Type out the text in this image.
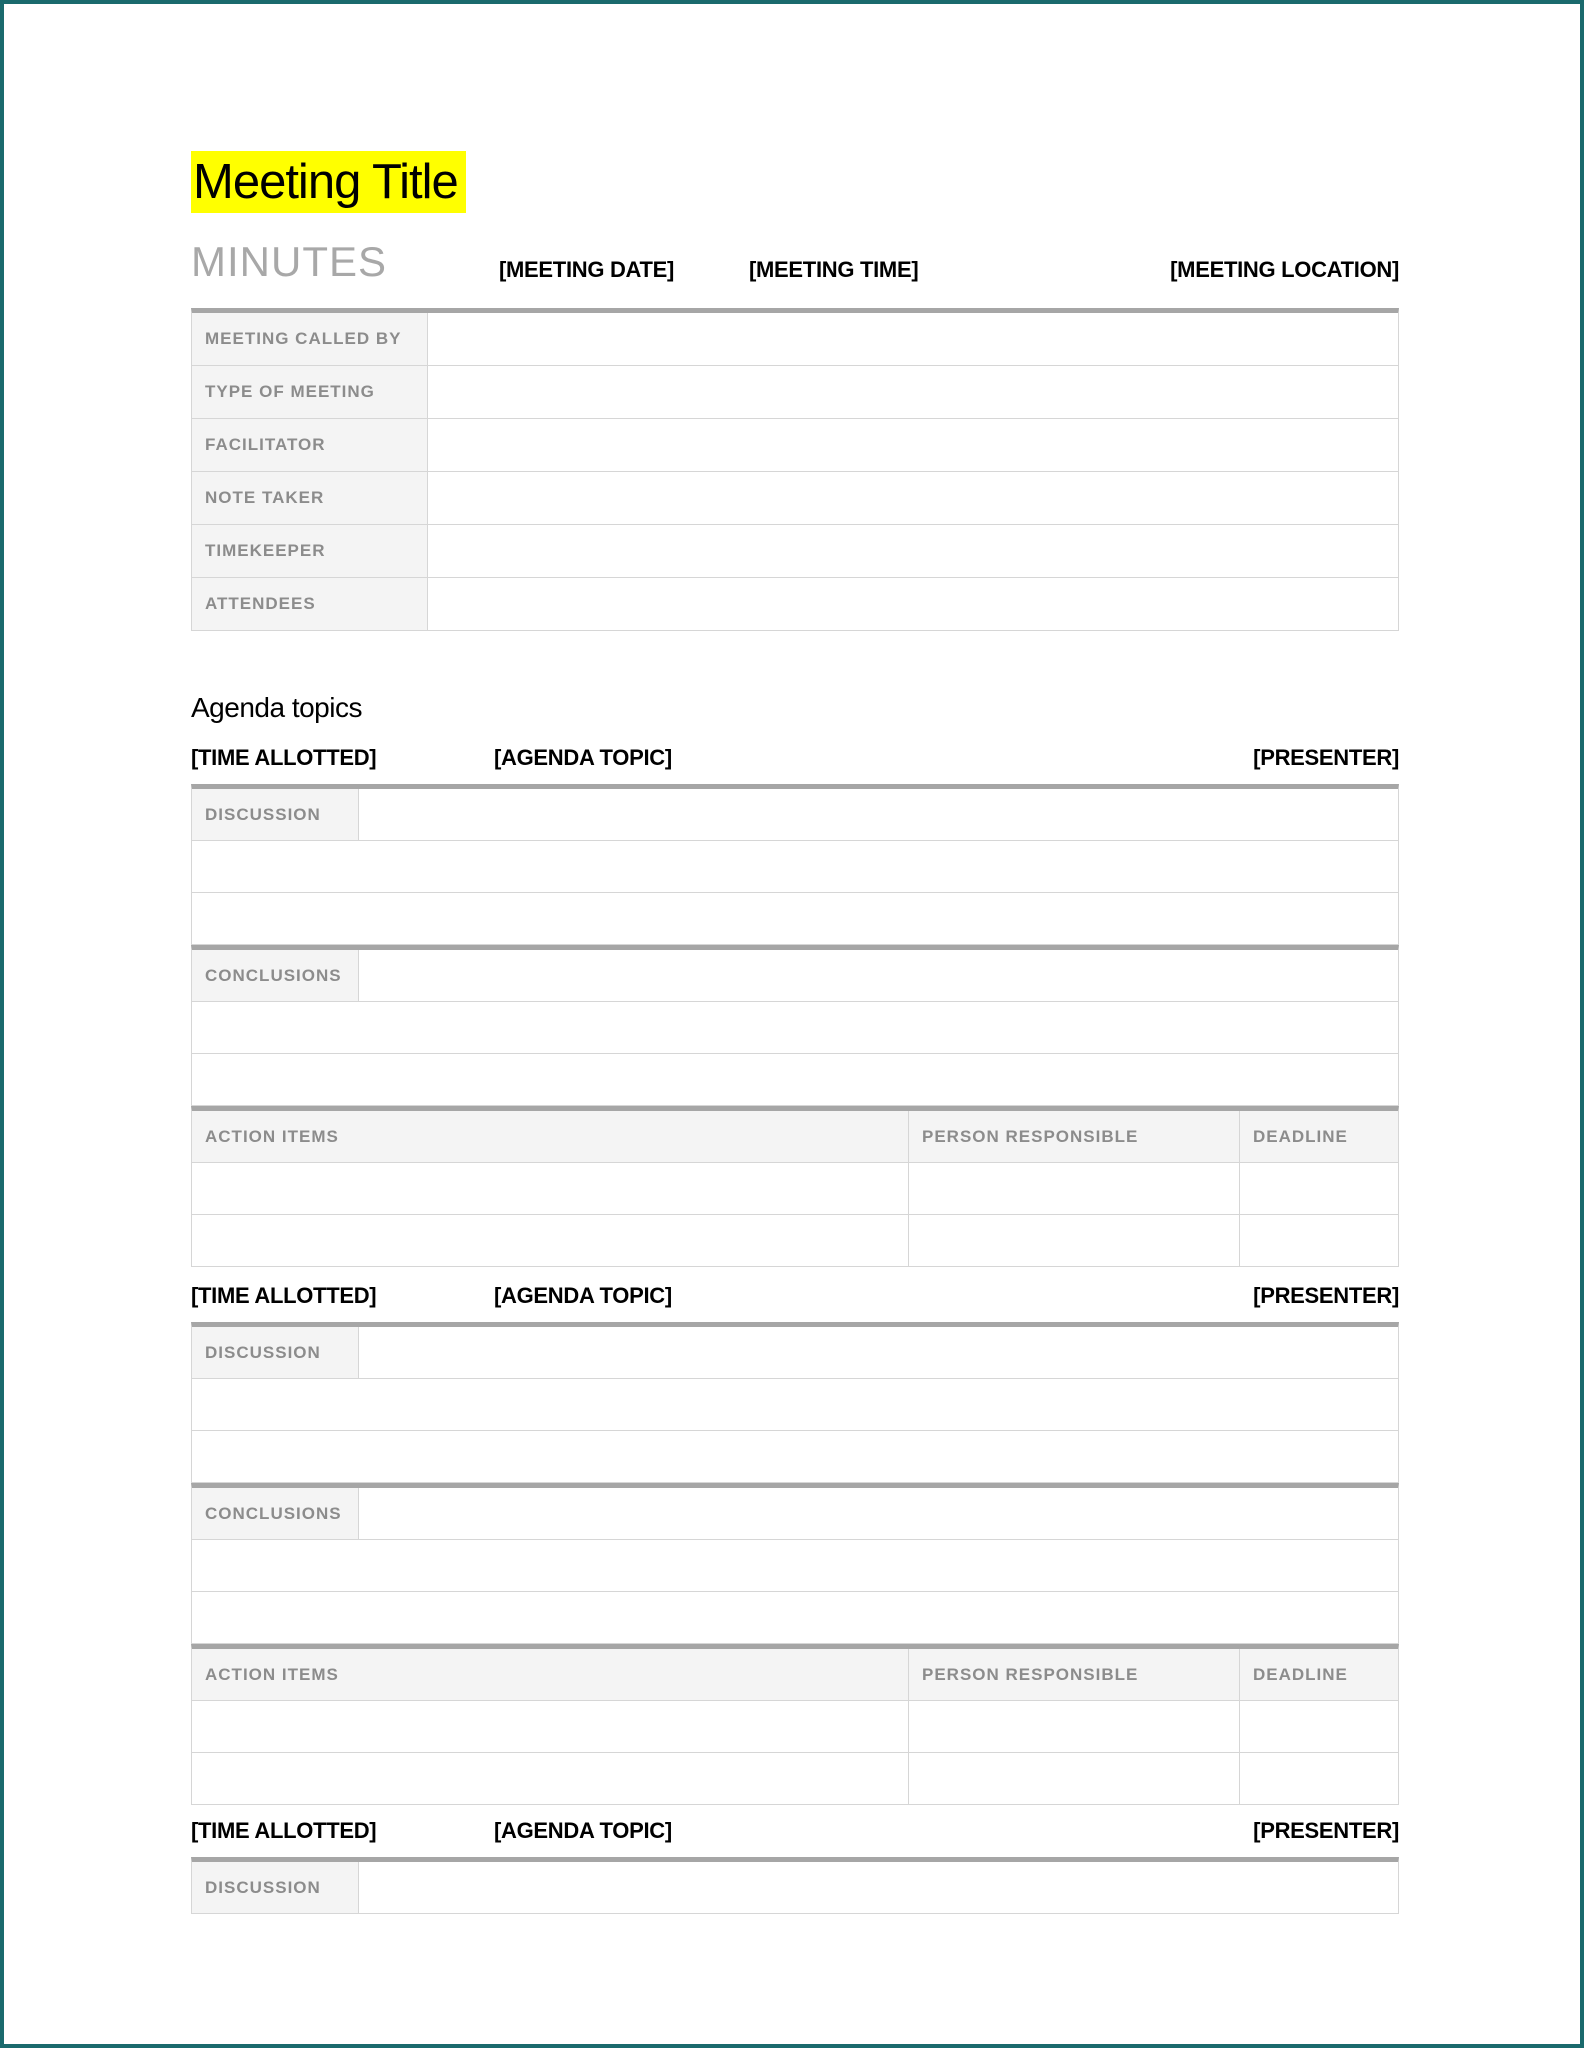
Meeting Title
MINUTES	[MEETING DATE]	[MEETING TIME]	[MEETING LOCATION]
MEETING CALLED BY
TYPE OF MEETING
FACILITATOR
NOTE TAKER
TIMEKEEPER
ATTENDEES
Agenda topics
[TIME ALLOTTED]	[AGENDA TOPIC]	[PRESENTER]
DISCUSSION
CONCLUSIONS
ACTION ITEMS	PERSON RESPONSIBLE	DEADLINE
[TIME ALLOTTED]	[AGENDA TOPIC]	[PRESENTER]
DISCUSSION
CONCLUSIONS
ACTION ITEMS	PERSON RESPONSIBLE	DEADLINE
[TIME ALLOTTED]	[AGENDA TOPIC]	[PRESENTER]
DISCUSSION
